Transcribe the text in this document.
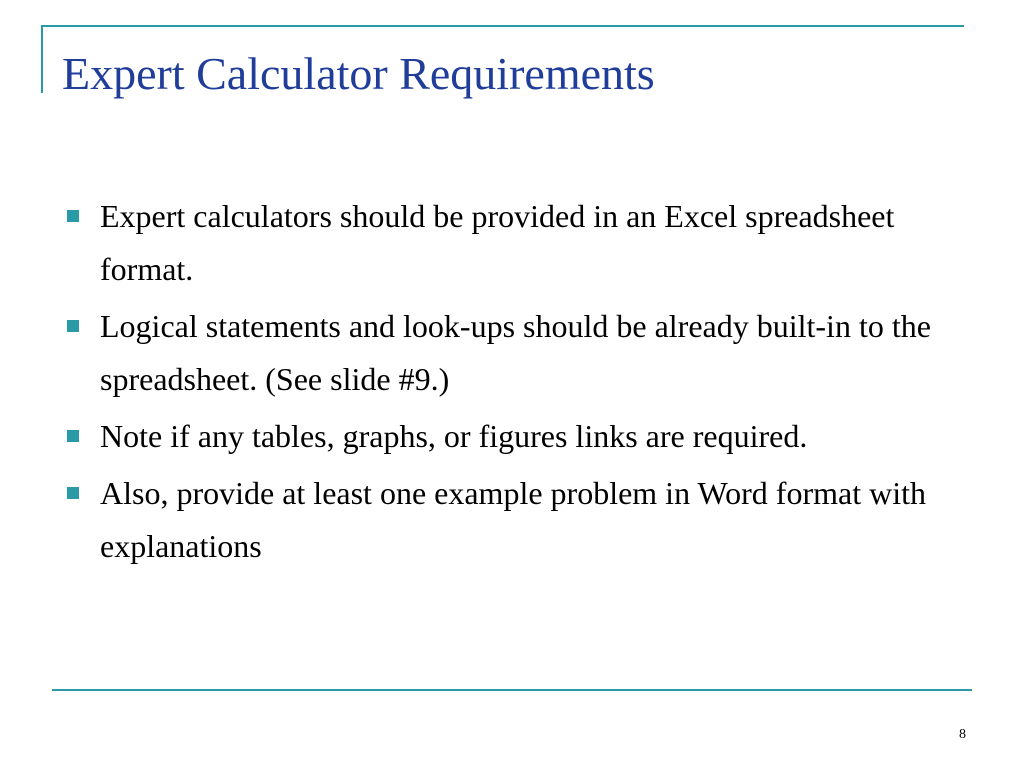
Expert Calculator Requirements
Expert calculators should be provided in an Excel spreadsheet format.
Logical statements and look-ups should be already built-in to the spreadsheet. (See slide #9.)
Note if any tables, graphs, or figures links are required.
Also, provide at least one example problem in Word format with explanations
8
